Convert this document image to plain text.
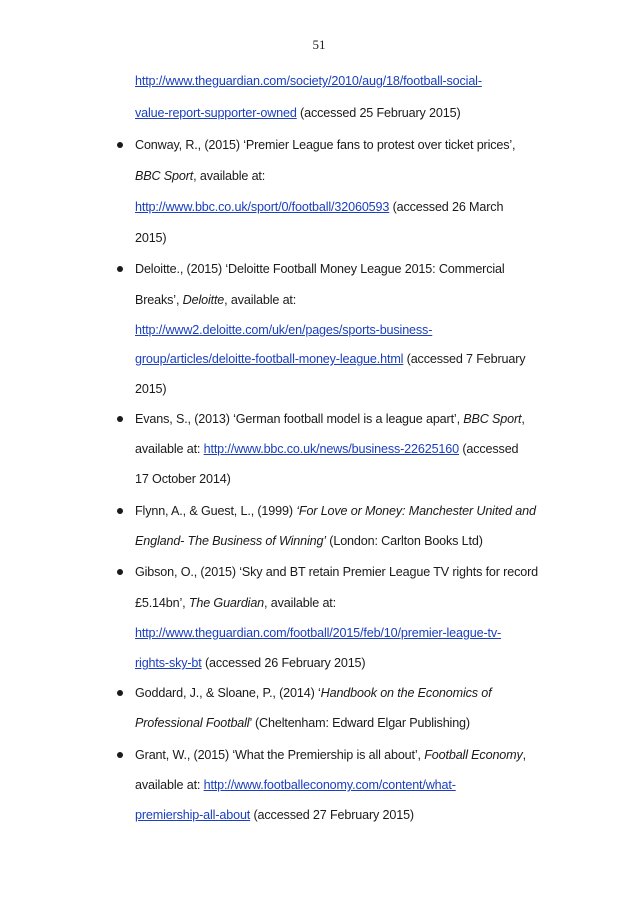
51
http://www.theguardian.com/society/2010/aug/18/football-social-
value-report-supporter-owned (accessed 25 February 2015)
Conway, R., (2015) ‘Premier League fans to protest over ticket prices’,
BBC Sport, available at:
http://www.bbc.co.uk/sport/0/football/32060593 (accessed 26 March
2015)
Deloitte., (2015) ‘Deloitte Football Money League 2015: Commercial
Breaks’, Deloitte, available at:
http://www2.deloitte.com/uk/en/pages/sports-business-
group/articles/deloitte-football-money-league.html (accessed 7 February
2015)
Evans, S., (2013) ‘German football model is a league apart’, BBC Sport,
available at: http://www.bbc.co.uk/news/business-22625160 (accessed
17 October 2014)
Flynn, A., & Guest, L., (1999) ‘For Love or Money: Manchester United and
England- The Business of Winning’ (London: Carlton Books Ltd)
Gibson, O., (2015) ‘Sky and BT retain Premier League TV rights for record
£5.14bn’, The Guardian, available at:
http://www.theguardian.com/football/2015/feb/10/premier-league-tv-
rights-sky-bt (accessed 26 February 2015)
Goddard, J., & Sloane, P., (2014) ‘Handbook on the Economics of
Professional Football’ (Cheltenham: Edward Elgar Publishing)
Grant, W., (2015) ‘What the Premiership is all about’, Football Economy,
available at: http://www.footballeconomy.com/content/what-
premiership-all-about (accessed 27 February 2015)
